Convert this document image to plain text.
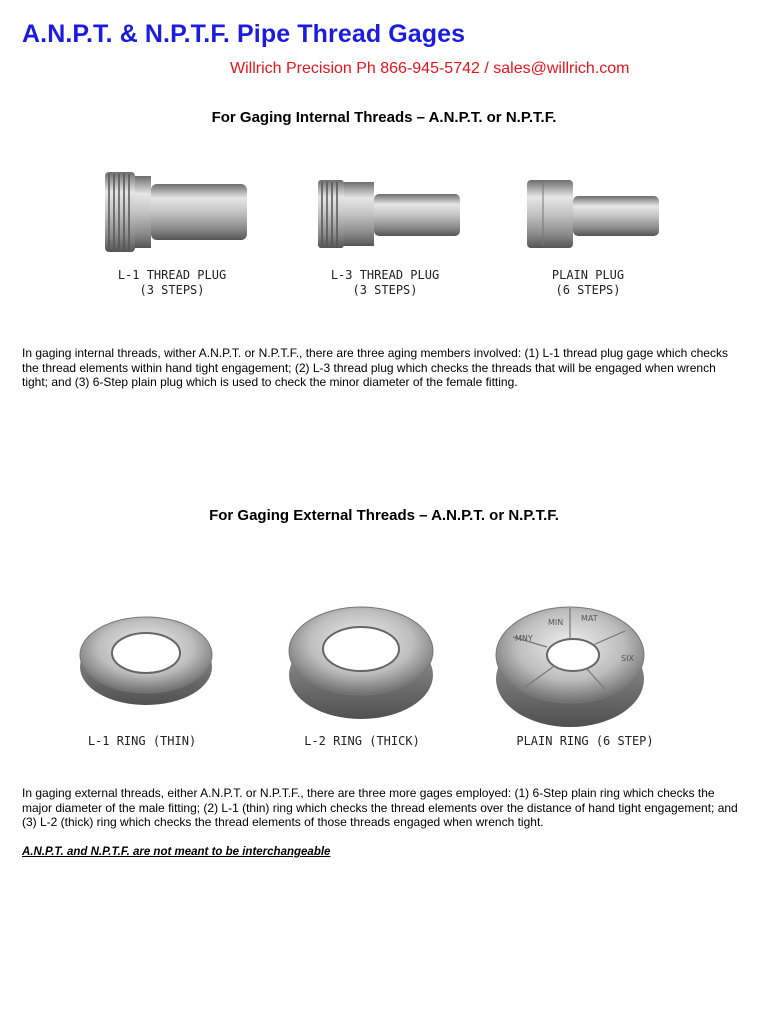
A.N.P.T. & N.P.T.F. Pipe Thread Gages
Willrich Precision Ph 866-945-5742 / sales@willrich.com
For Gaging Internal Threads – A.N.P.T. or N.P.T.F.
L-1 THREAD PLUG
(3 STEPS)
L-3 THREAD PLUG
(3 STEPS)
PLAIN PLUG
(6 STEPS)

In gaging internal threads, wither A.N.P.T. or N.P.T.F., there are three aging members involved: (1) L-1 thread plug gage which checks the thread elements within hand tight engagement; (2) L-3 thread plug which checks the threads that will be engaged when wrench tight; and (3) 6-Step plain plug which is used to check the minor diameter of the female fitting.

For Gaging External Threads – A.N.P.T. or N.P.T.F.
MAT
MIN
MNY
SIX
L-1 RING (THIN)	L-2 RING (THICK)	PLAIN RING (6 STEP)

In gaging external threads, either A.N.P.T. or N.P.T.F., there are three more gages employed: (1) 6-Step plain ring which checks the major diameter of the male fitting; (2) L-1 (thin) ring which checks the thread elements over the distance of hand tight engagement; and (3) L-2 (thick) ring which checks the thread elements of those threads engaged when wrench tight.

A.N.P.T. and N.P.T.F. are not meant to be interchangeable
